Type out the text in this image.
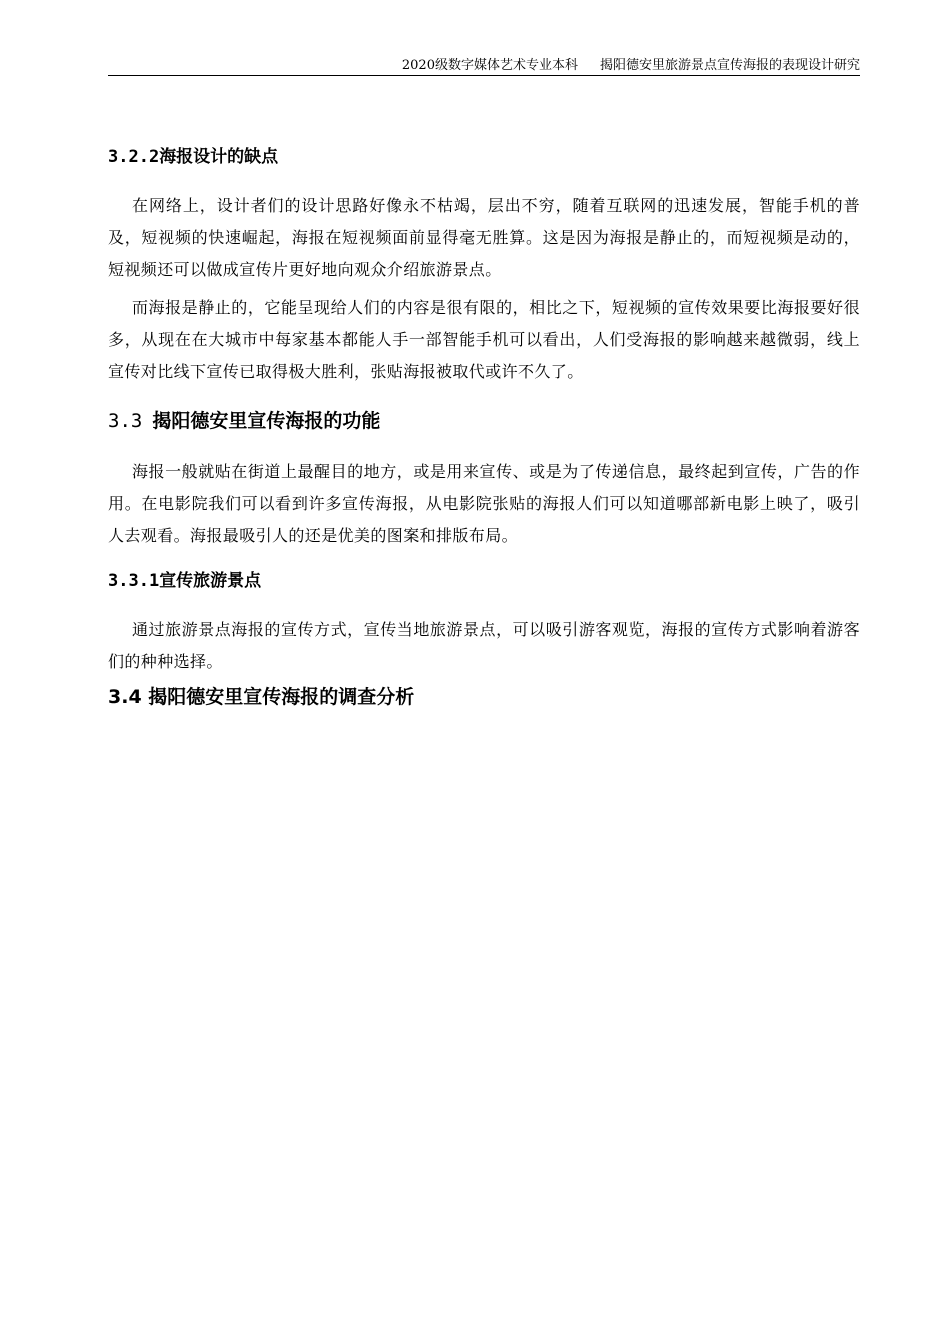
2020级数字媒体艺术专业本科 揭阳德安里旅游景点宣传海报的表现设计研究
3.2.2海报设计的缺点

在网络上，设计者们的设计思路好像永不枯竭，层出不穷，随着互联网的迅速发展，智能手机的普及，短视频的快速崛起，海报在短视频面前显得毫无胜算。这是因为海报是静止的，而短视频是动的，短视频还可以做成宣传片更好地向观众介绍旅游景点。

而海报是静止的，它能呈现给人们的内容是很有限的，相比之下，短视频的宣传效果要比海报要好很多，从现在在大城市中每家基本都能人手一部智能手机可以看出，人们受海报的影响越来越微弱，线上宣传对比线下宣传已取得极大胜利，张贴海报被取代或许不久了。

3.3 揭阳德安里宣传海报的功能

海报一般就贴在街道上最醒目的地方，或是用来宣传、或是为了传递信息，最终起到宣传，广告的作用。在电影院我们可以看到许多宣传海报，从电影院张贴的海报人们可以知道哪部新电影上映了，吸引人去观看。海报最吸引人的还是优美的图案和排版布局。

3.3.1宣传旅游景点

通过旅游景点海报的宣传方式，宣传当地旅游景点，可以吸引游客观览，海报的宣传方式影响着游客们的种种选择。

3.4 揭阳德安里宣传海报的调查分析
